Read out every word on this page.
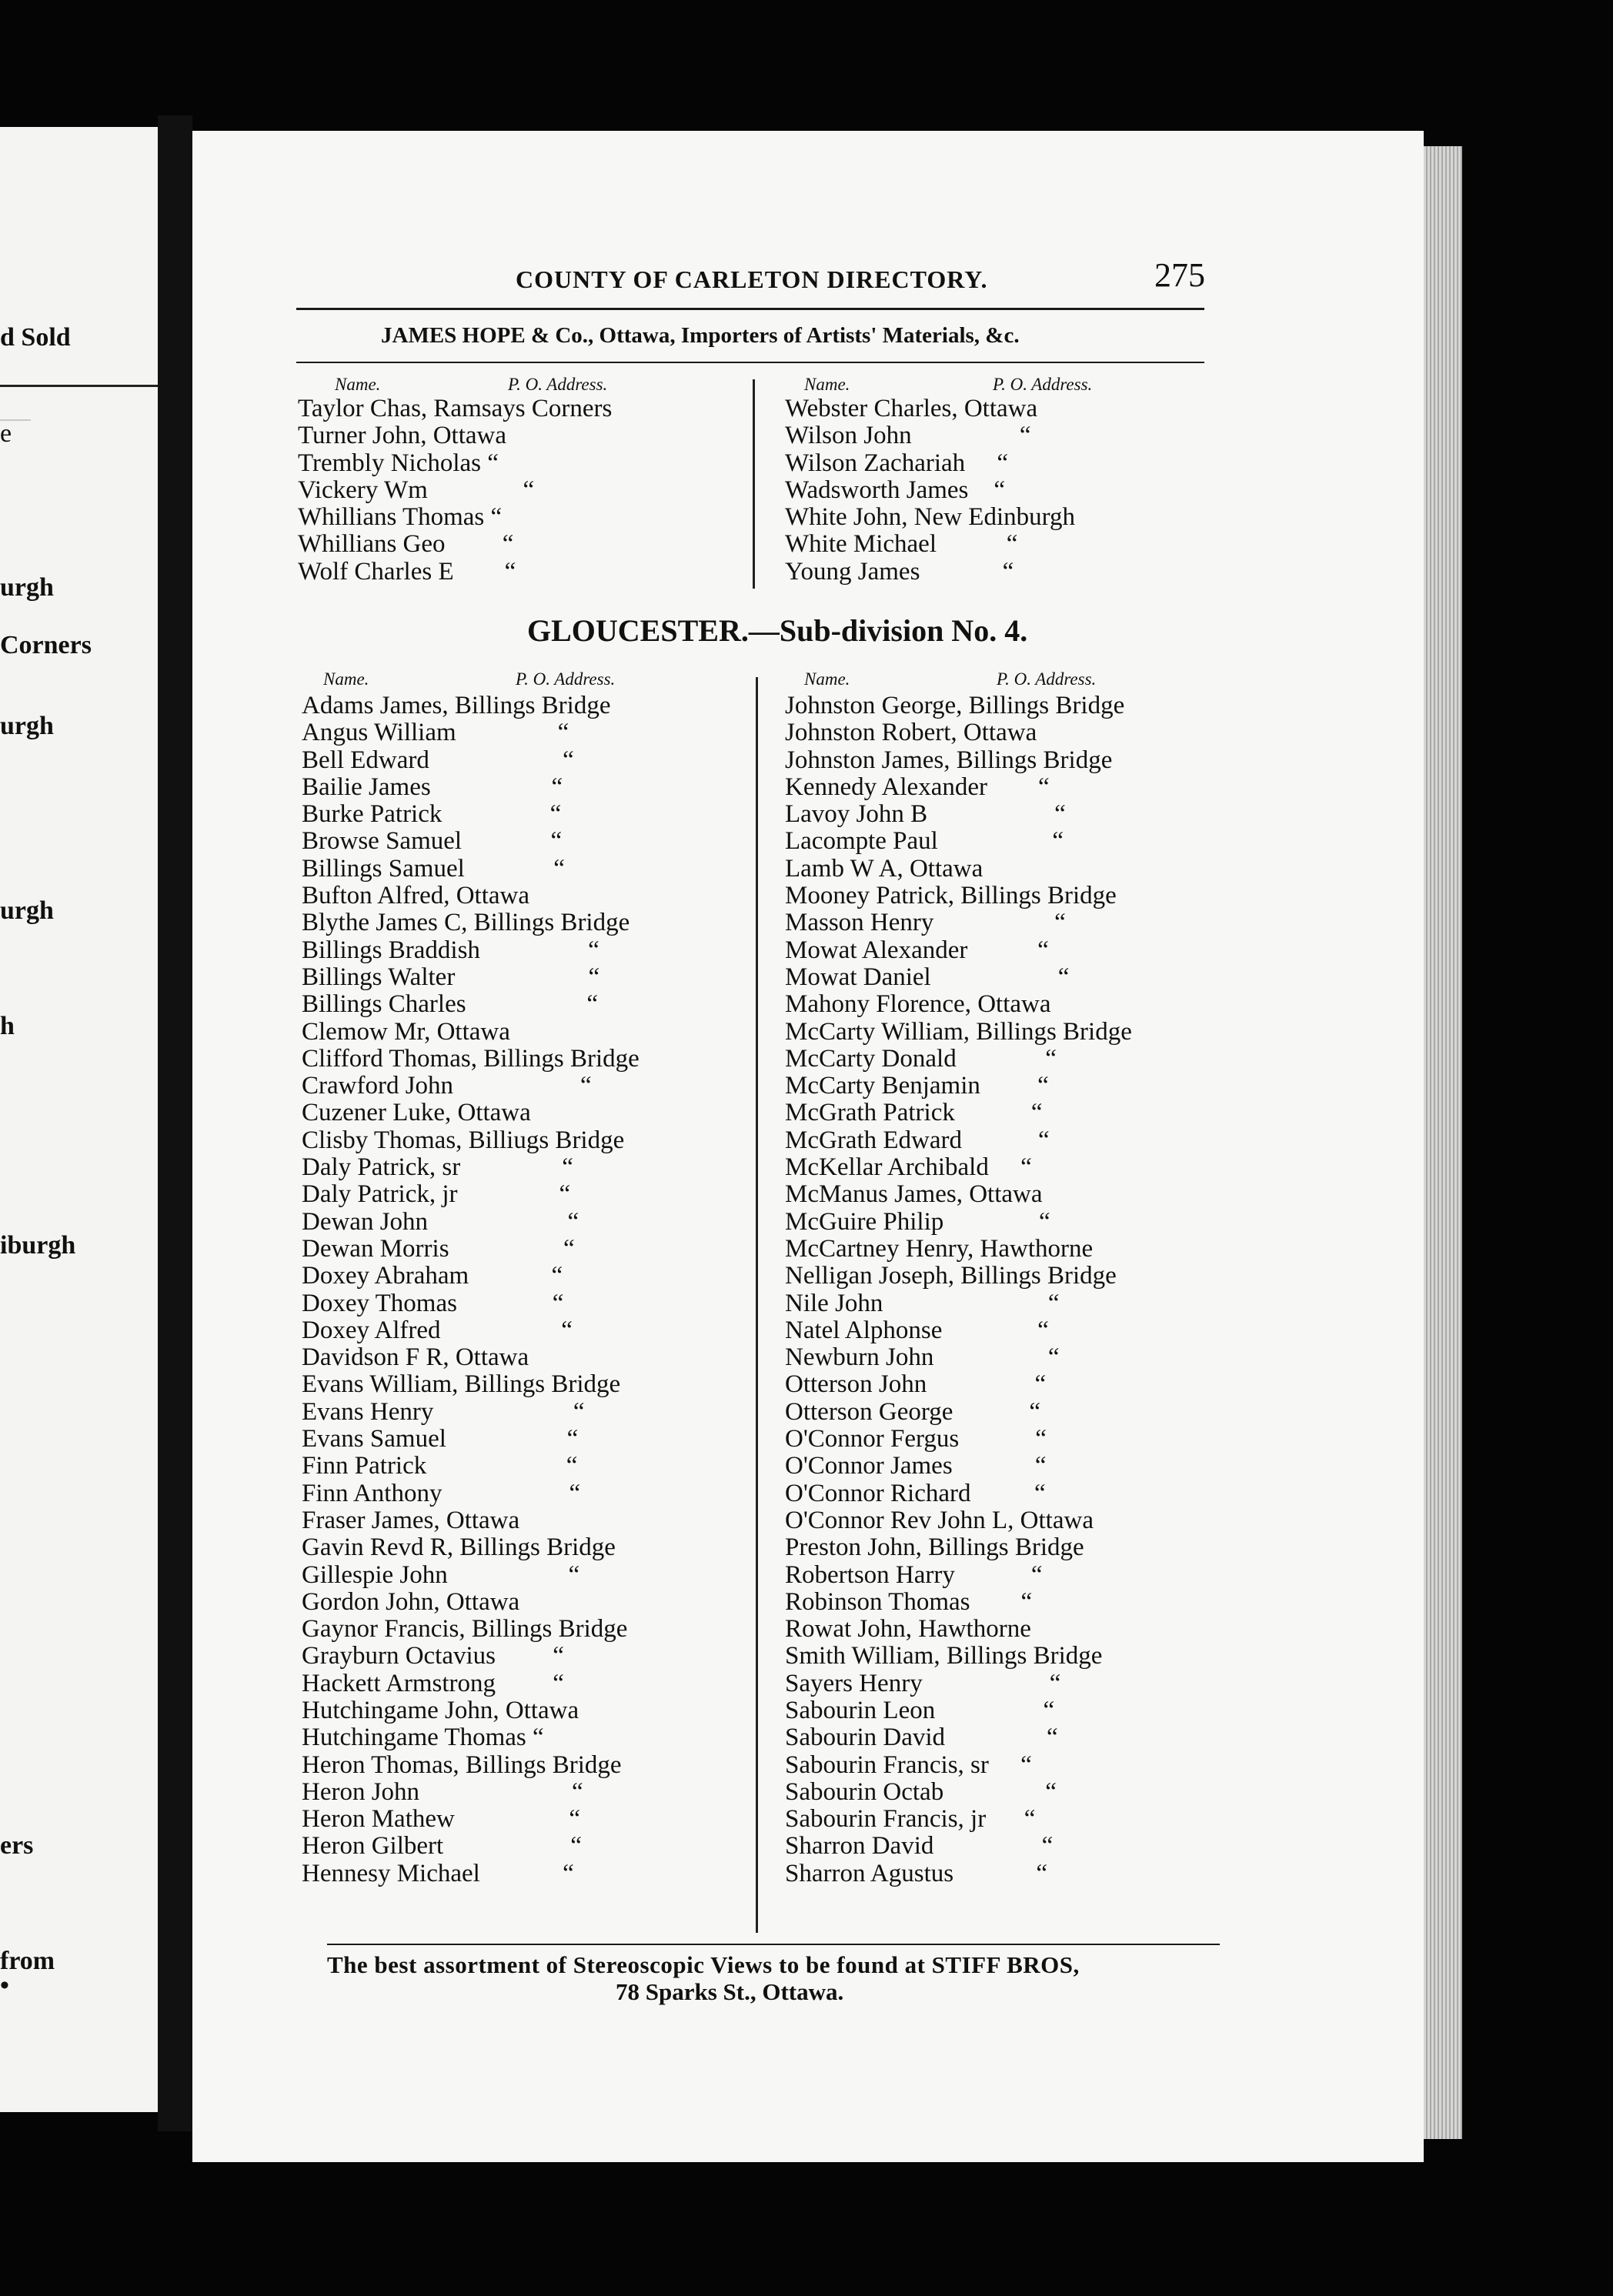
d Sold
e
urgh
Corners
urgh
urgh
h
iburgh
ers
from
•
COUNTY OF CARLETON DIRECTORY.	275
JAMES HOPE & Co., Ottawa, Importers of Artists' Materials, &c.
Name.	P. O. Address.	Name.	P. O. Address.
Taylor Chas, Ramsays Corners
Turner John, Ottawa
Trembly Nicholas “
Vickery Wm               “
Whillians Thomas “
Whillians Geo         “
Wolf Charles E        “
Webster Charles, Ottawa
Wilson John                 “
Wilson Zachariah     “
Wadsworth James    “
White John, New Edinburgh
White Michael           “
Young James             “
GLOUCESTER.—Sub-division No. 4.
Name.	P. O. Address.	Name.	P. O. Address.
Adams James, Billings Bridge
Angus William                “
Bell Edward                     “
Bailie James                   “
Burke Patrick                 “
Browse Samuel              “
Billings Samuel              “
Bufton Alfred, Ottawa
Blythe James C, Billings Bridge
Billings Braddish                 “
Billings Walter                     “
Billings Charles                   “
Clemow Mr, Ottawa
Clifford Thomas, Billings Bridge
Crawford John                    “
Cuzener Luke, Ottawa
Clisby Thomas, Billiugs Bridge
Daly Patrick, sr                “
Daly Patrick, jr                “
Dewan John                      “
Dewan Morris                  “
Doxey Abraham             “
Doxey Thomas               “
Doxey Alfred                   “
Davidson F R, Ottawa
Evans William, Billings Bridge
Evans Henry                      “
Evans Samuel                   “
Finn Patrick                      “
Finn Anthony                    “
Fraser James, Ottawa
Gavin Revd R, Billings Bridge
Gillespie John                   “
Gordon John, Ottawa
Gaynor Francis, Billings Bridge
Grayburn Octavius         “
Hackett Armstrong         “
Hutchingame John, Ottawa
Hutchingame Thomas “
Heron Thomas, Billings Bridge
Heron John                        “
Heron Mathew                  “
Heron Gilbert                    “
Hennesy Michael             “
Johnston George, Billings Bridge
Johnston Robert, Ottawa
Johnston James, Billings Bridge
Kennedy Alexander        “
Lavoy John B                    “
Lacompte Paul                  “
Lamb W A, Ottawa
Mooney Patrick, Billings Bridge
Masson Henry                   “
Mowat Alexander           “
Mowat Daniel                    “
Mahony Florence, Ottawa
McCarty William, Billings Bridge
McCarty Donald              “
McCarty Benjamin         “
McGrath Patrick            “
McGrath Edward            “
McKellar Archibald     “
McManus James, Ottawa
McGuire Philip               “
McCartney Henry, Hawthorne
Nelligan Joseph, Billings Bridge
Nile John                          “
Natel Alphonse               “
Newburn John                  “
Otterson John                 “
Otterson George            “
O'Connor Fergus            “
O'Connor James             “
O'Connor Richard          “
O'Connor Rev John L, Ottawa
Preston John, Billings Bridge
Robertson Harry            “
Robinson Thomas        “
Rowat John, Hawthorne
Smith William, Billings Bridge
Sayers Henry                    “
Sabourin Leon                 “
Sabourin David                “
Sabourin Francis, sr     “
Sabourin Octab                “
Sabourin Francis, jr      “
Sharron David                 “
Sharron Agustus             “
The best assortment of Stereoscopic Views to be found at STIFF BROS,
78 Sparks St., Ottawa.
